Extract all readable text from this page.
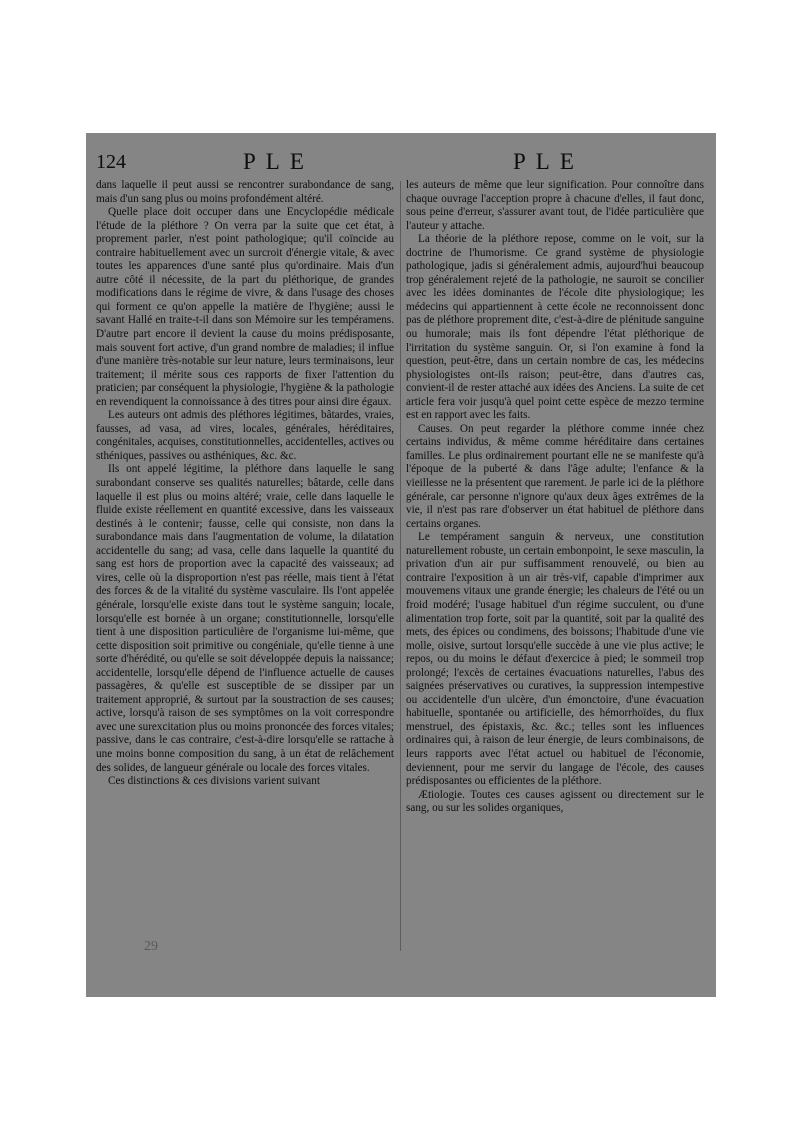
124	PLE	PLE

dans laquelle il peut aussi se rencontrer surabondance de sang, mais d'un sang plus ou moins profondément altéré.

Quelle place doit occuper dans une Encyclopédie médicale l'étude de la pléthore ? On verra par la suite que cet état, à proprement parler, n'est point pathologique; qu'il coïncide au contraire habituellement avec un surcroit d'énergie vitale, & avec toutes les apparences d'une santé plus qu'ordinaire. Mais d'un autre côté il nécessite, de la part du pléthorique, de grandes modifications dans le régime de vivre, & dans l'usage des choses qui forment ce qu'on appelle la matière de l'hygiène; aussi le savant Hallé en traite-t-il dans son Mémoire sur les tempéramens. D'autre part encore il devient la cause du moins prédisposante, mais souvent fort active, d'un grand nombre de maladies; il influe d'une manière très-notable sur leur nature, leurs terminaisons, leur traitement; il mérite sous ces rapports de fixer l'attention du praticien; par conséquent la physiologie, l'hygiène & la pathologie en revendiquent la connoissance à des titres pour ainsi dire égaux.

Les auteurs ont admis des pléthores légitimes, bâtardes, vraies, fausses, ad vasa, ad vires, locales, générales, héréditaires, congénitales, acquises, constitutionnelles, accidentelles, actives ou sthéniques, passives ou asthéniques, &c. &c.

Ils ont appelé légitime, la pléthore dans laquelle le sang surabondant conserve ses qualités naturelles; bâtarde, celle dans laquelle il est plus ou moins altéré; vraie, celle dans laquelle le fluide existe réellement en quantité excessive, dans les vaisseaux destinés à le contenir; fausse, celle qui consiste, non dans la surabondance mais dans l'augmentation de volume, la dilatation accidentelle du sang; ad vasa, celle dans laquelle la quantité du sang est hors de proportion avec la capacité des vaisseaux; ad vires, celle où la disproportion n'est pas réelle, mais tient à l'état des forces & de la vitalité du système vasculaire. Ils l'ont appelée générale, lorsqu'elle existe dans tout le système sanguin; locale, lorsqu'elle est bornée à un organe; constitutionnelle, lorsqu'elle tient à une disposition particulière de l'organisme lui-même, que cette disposition soit primitive ou congéniale, qu'elle tienne à une sorte d'hérédité, ou qu'elle se soit développée depuis la naissance; accidentelle, lorsqu'elle dépend de l'influence actuelle de causes passagères, & qu'elle est susceptible de se dissiper par un traitement approprié, & surtout par la soustraction de ses causes; active, lorsqu'à raison de ses symptômes on la voit correspondre avec une surexcitation plus ou moins prononcée des forces vitales; passive, dans le cas contraire, c'est-à-dire lorsqu'elle se rattache à une moins bonne composition du sang, à un état de relâchement des solides, de langueur générale ou locale des forces vitales.

Ces distinctions & ces divisions varient suivant

les auteurs de même que leur signification. Pour connoître dans chaque ouvrage l'acception propre à chacune d'elles, il faut donc, sous peine d'erreur, s'assurer avant tout, de l'idée particulière que l'auteur y attache.

La théorie de la pléthore repose, comme on le voit, sur la doctrine de l'humorisme. Ce grand système de physiologie pathologique, jadis si généralement admis, aujourd'hui beaucoup trop généralement rejeté de la pathologie, ne sauroit se concilier avec les idées dominantes de l'école dite physiologique; les médecins qui appartiennent à cette école ne reconnoissent donc pas de pléthore proprement dite, c'est-à-dire de plénitude sanguine ou humorale; mais ils font dépendre l'état pléthorique de l'irritation du système sanguin. Or, si l'on examine à fond la question, peut-être, dans un certain nombre de cas, les médecins physiologistes ont-ils raison; peut-être, dans d'autres cas, convient-il de rester attaché aux idées des Anciens. La suite de cet article fera voir jusqu'à quel point cette espèce de mezzo termine est en rapport avec les faits.

Causes. On peut regarder la pléthore comme innée chez certains individus, & même comme héréditaire dans certaines familles. Le plus ordinairement pourtant elle ne se manifeste qu'à l'époque de la puberté & dans l'âge adulte; l'enfance & la vieillesse ne la présentent que rarement. Je parle ici de la pléthore générale, car personne n'ignore qu'aux deux âges extrêmes de la vie, il n'est pas rare d'observer un état habituel de pléthore dans certains organes.

Le tempérament sanguin & nerveux, une constitution naturellement robuste, un certain embonpoint, le sexe masculin, la privation d'un air pur suffisamment renouvelé, ou bien au contraire l'exposition à un air très-vif, capable d'imprimer aux mouvemens vitaux une grande énergie; les chaleurs de l'été ou un froid modéré; l'usage habituel d'un régime succulent, ou d'une alimentation trop forte, soit par la quantité, soit par la qualité des mets, des épices ou condimens, des boissons; l'habitude d'une vie molle, oisive, surtout lorsqu'elle succède à une vie plus active; le repos, ou du moins le défaut d'exercice à pied; le sommeil trop prolongé; l'excès de certaines évacuations naturelles, l'abus des saignées préservatives ou curatives, la suppression intempestive ou accidentelle d'un ulcère, d'un émonctoire, d'une évacuation habituelle, spontanée ou artificielle, des hémorrhoïdes, du flux menstruel, des épistaxis, &c. &c.; telles sont les influences ordinaires qui, à raison de leur énergie, de leurs combinaisons, de leurs rapports avec l'état actuel ou habituel de l'économie, deviennent, pour me servir du langage de l'école, des causes prédisposantes ou efficientes de la pléthore.

Ætiologie. Toutes ces causes agissent ou directement sur le sang, ou sur les solides organiques,

29
